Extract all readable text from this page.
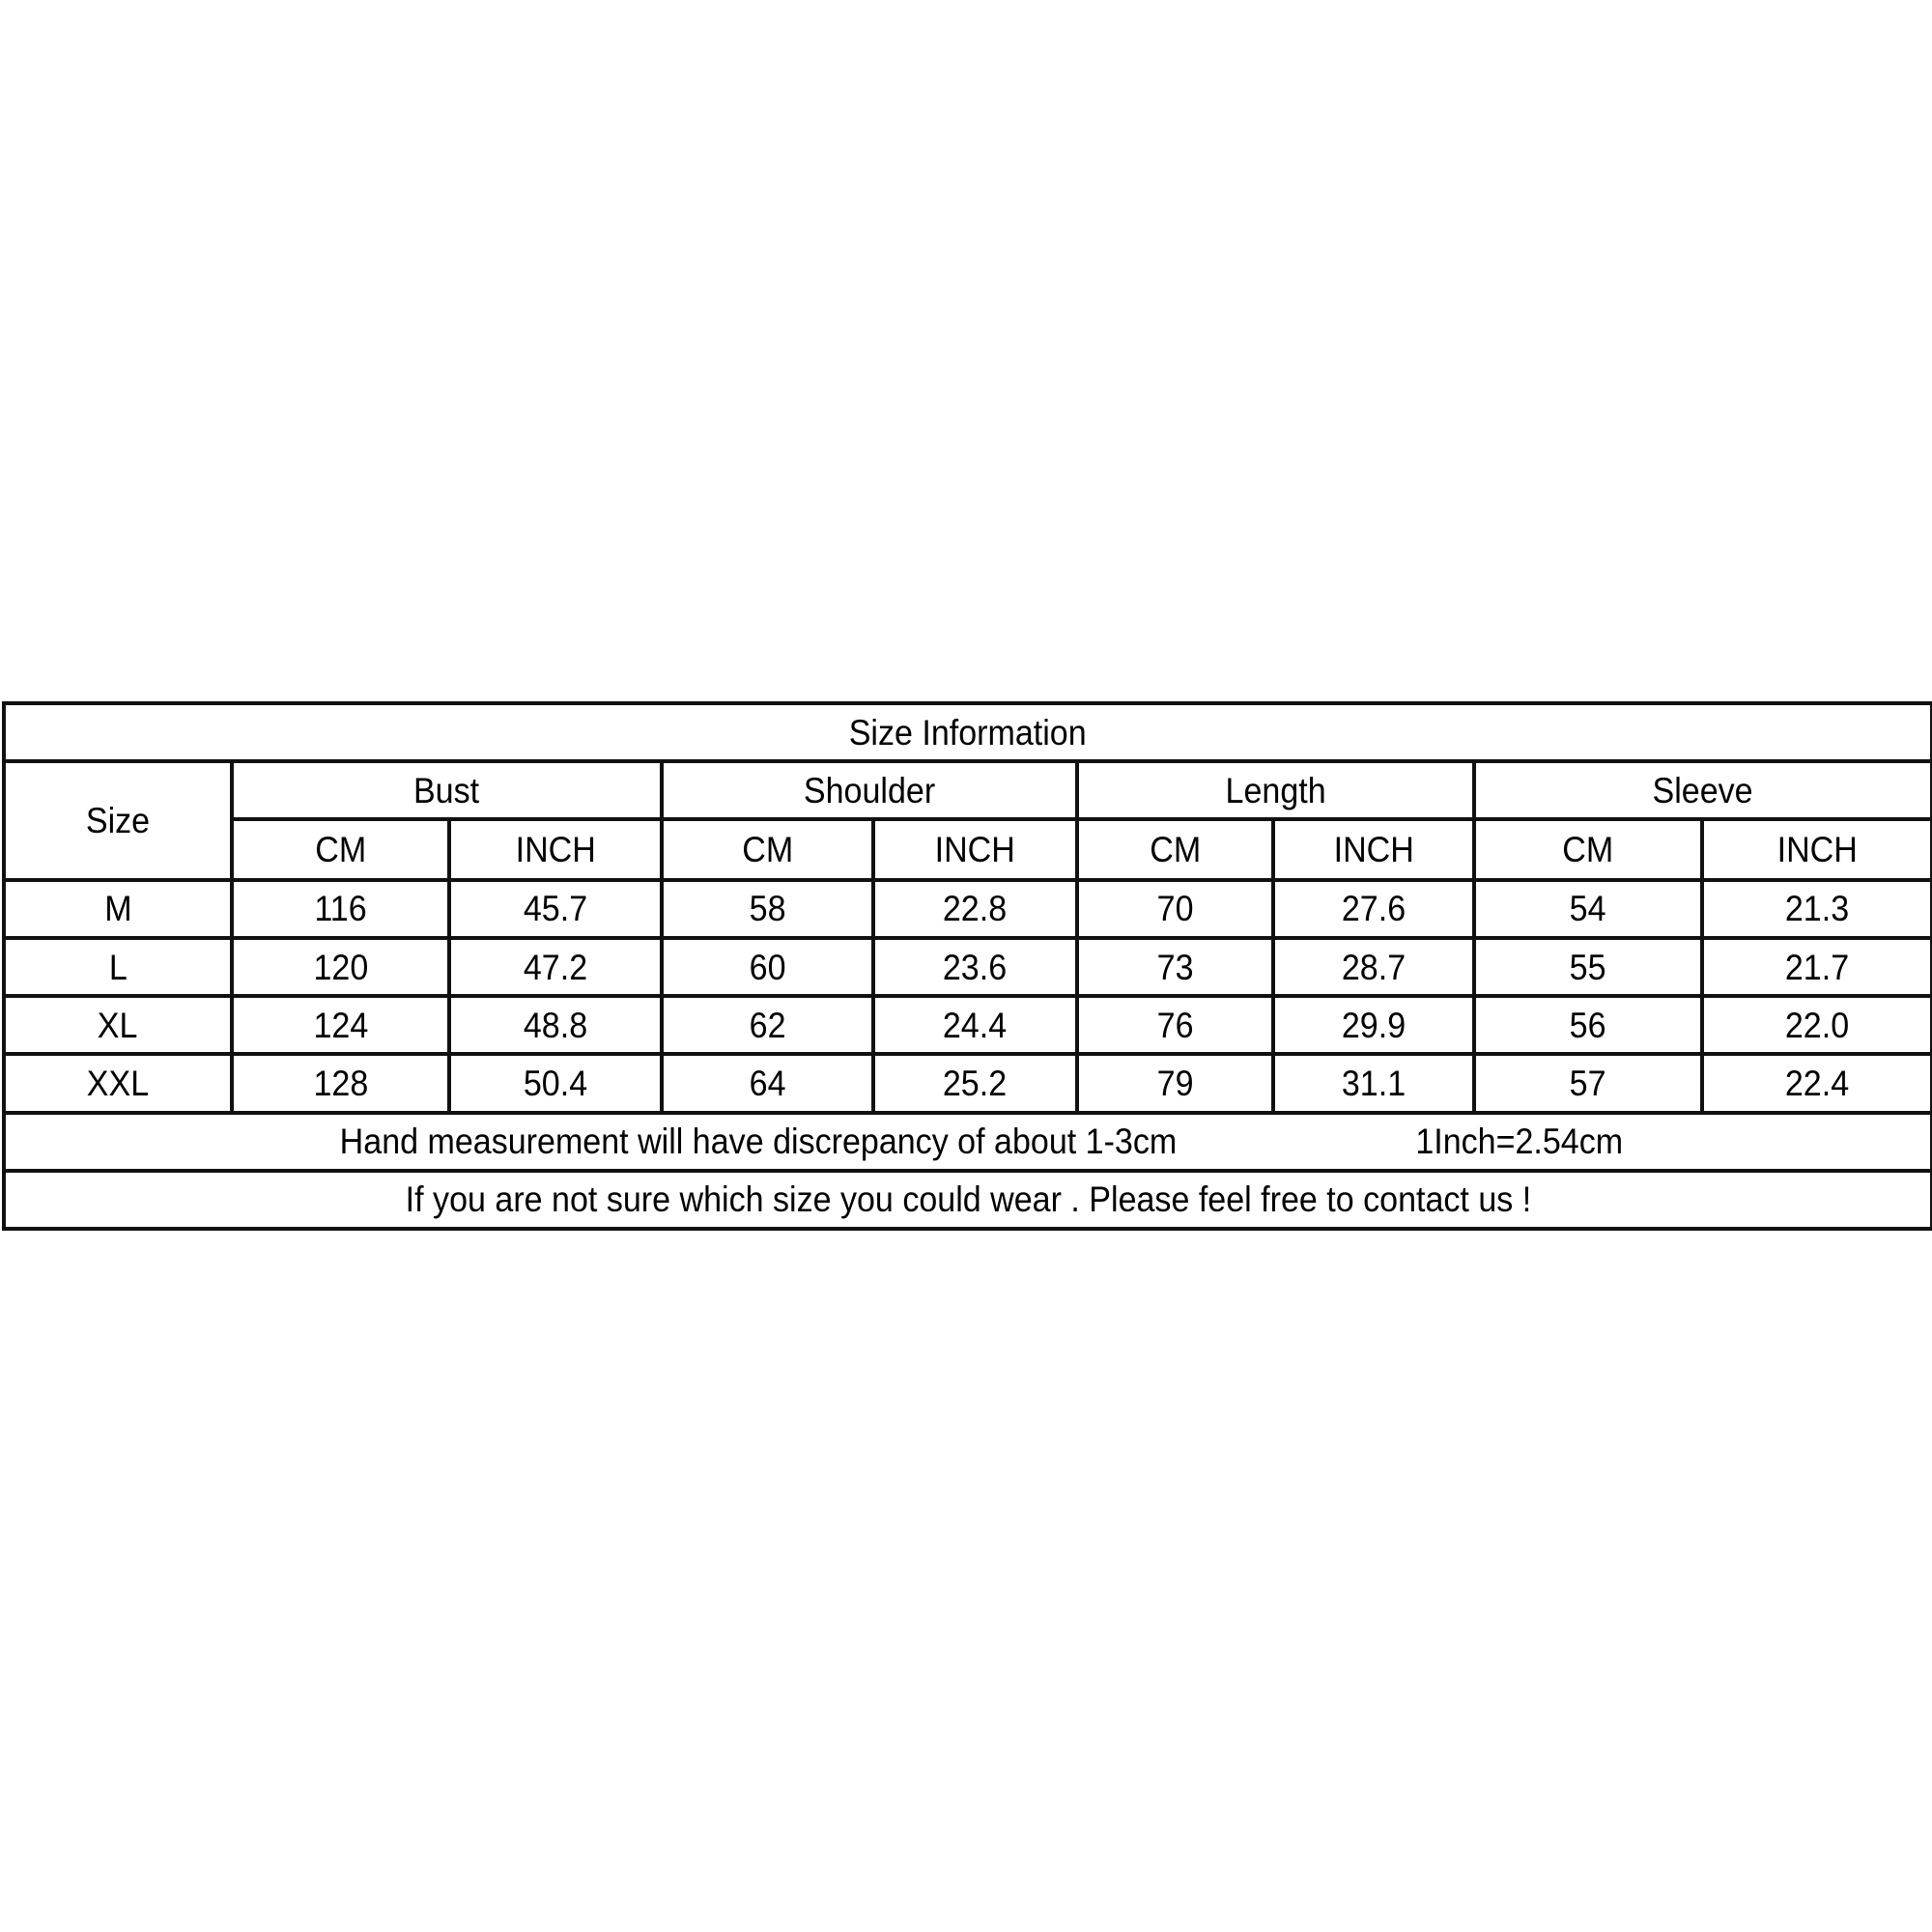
Size Information								
Size	Bust		Shoulder		Length		Sleeve	
	CM	INCH	CM	INCH	CM	INCH	CM	INCH
M	116	45.7	58	22.8	70	27.6	54	21.3
L	120	47.2	60	23.6	73	28.7	55	21.7
XL	124	48.8	62	24.4	76	29.9	56	22.0
XXL	128	50.4	64	25.2	79	31.1	57	22.4
Hand measurement will have discrepancy of about 1-3cm 1Inch=2.54cm								
If you are not sure which size you could wear . Please feel free to contact us !								
